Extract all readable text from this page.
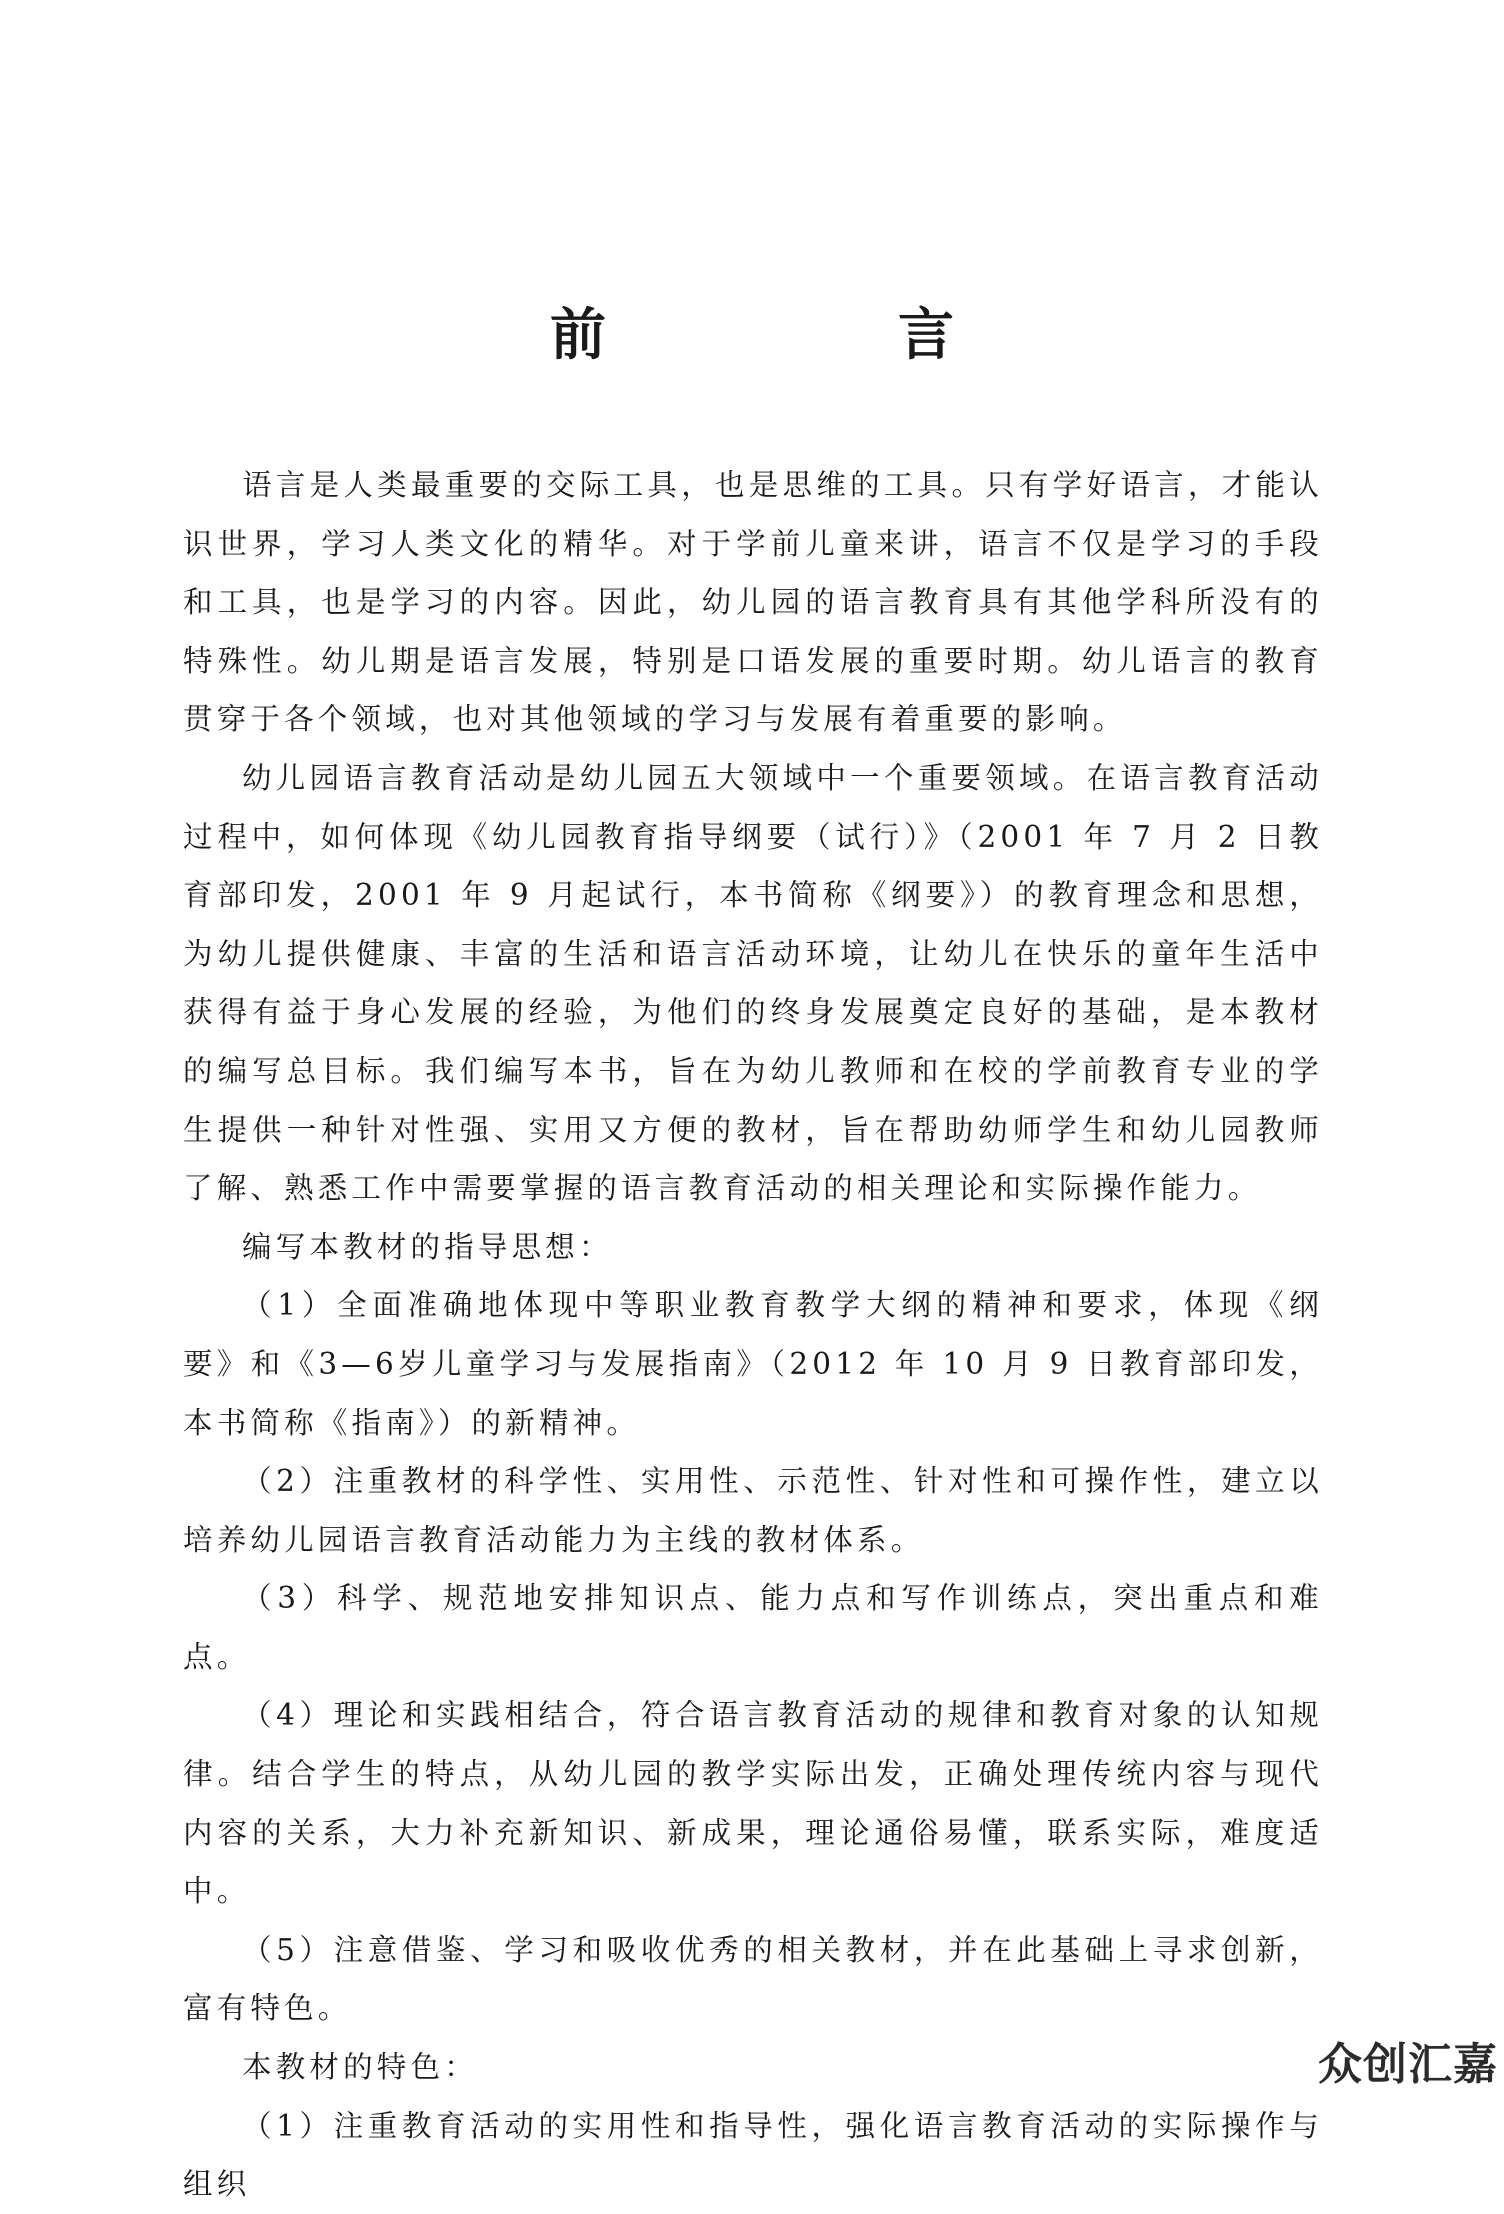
前　言

语言是人类最重要的交际工具，也是思维的工具。只有学好语言，才能认识世界，学习人类文化的精华。对于学前儿童来讲，语言不仅是学习的手段和工具，也是学习的内容。因此，幼儿园的语言教育具有其他学科所没有的特殊性。幼儿期是语言发展，特别是口语发展的重要时期。幼儿语言的教育贯穿于各个领域，也对其他领域的学习与发展有着重要的影响。

幼儿园语言教育活动是幼儿园五大领域中一个重要领域。在语言教育活动过程中，如何体现《幼儿园教育指导纲要（试行）》（2001 年 7 月 2 日教育部印发，2001 年 9 月起试行，本书简称《纲要》）的教育理念和思想，为幼儿提供健康、丰富的生活和语言活动环境，让幼儿在快乐的童年生活中获得有益于身心发展的经验，为他们的终身发展奠定良好的基础，是本教材的编写总目标。我们编写本书，旨在为幼儿教师和在校的学前教育专业的学生提供一种针对性强、实用又方便的教材，旨在帮助幼师学生和幼儿园教师了解、熟悉工作中需要掌握的语言教育活动的相关理论和实际操作能力。

编写本教材的指导思想：

（1）全面准确地体现中等职业教育教学大纲的精神和要求，体现《纲要》和《3—6岁儿童学习与发展指南》（2012 年 10 月 9 日教育部印发，本书简称《指南》）的新精神。

（2）注重教材的科学性、实用性、示范性、针对性和可操作性，建立以培养幼儿园语言教育活动能力为主线的教材体系。

（3）科学、规范地安排知识点、能力点和写作训练点，突出重点和难点。

（4）理论和实践相结合，符合语言教育活动的规律和教育对象的认知规律。结合学生的特点，从幼儿园的教学实际出发，正确处理传统内容与现代内容的关系，大力补充新知识、新成果，理论通俗易懂，联系实际，难度适中。

（5）注意借鉴、学习和吸收优秀的相关教材，并在此基础上寻求创新，富有特色。

本教材的特色：

（1）注重教育活动的实用性和指导性，强化语言教育活动的实际操作与组织

众创汇嘉
